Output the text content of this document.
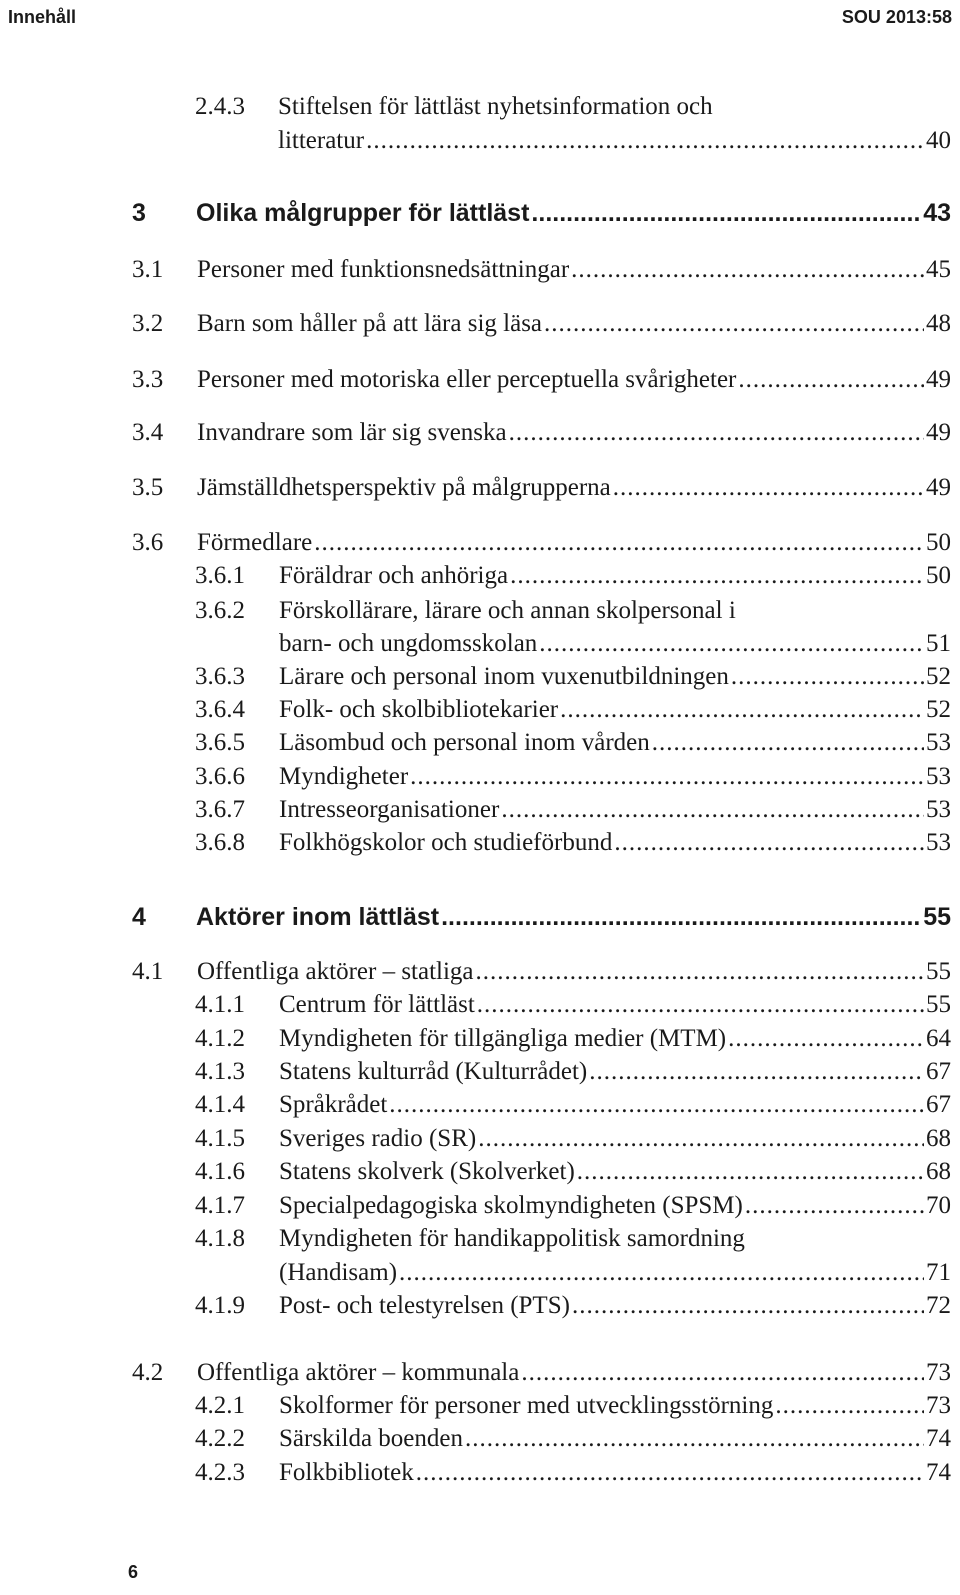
Innehåll	SOU 2013:58
2.4.3 Stiftelsen för lättläst nyhetsinformation och
litteratur .....	40
3 Olika målgrupper för lättläst .....	43
3.1 Personer med funktionsnedsättningar .....	45
3.2 Barn som håller på att lära sig läsa .....	48
3.3 Personer med motoriska eller perceptuella svårigheter .....	49
3.4 Invandrare som lär sig svenska .....	49
3.5 Jämställdhetsperspektiv på målgrupperna .....	49
3.6 Förmedlare .....	50
3.6.1 Föräldrar och anhöriga .....	50
3.6.2 Förskollärare, lärare och annan skolpersonal i
barn- och ungdomsskolan .....	51
3.6.3 Lärare och personal inom vuxenutbildningen .....	52
3.6.4 Folk- och skolbibliotekarier .....	52
3.6.5 Läsombud och personal inom vården .....	53
3.6.6 Myndigheter .....	53
3.6.7 Intresseorganisationer .....	53
3.6.8 Folkhögskolor och studieförbund .....	53
4 Aktörer inom lättläst .....	55
4.1 Offentliga aktörer – statliga .....	55
4.1.1 Centrum för lättläst .....	55
4.1.2 Myndigheten för tillgängliga medier (MTM) .....	64
4.1.3 Statens kulturråd (Kulturrådet) .....	67
4.1.4 Språkrådet .....	67
4.1.5 Sveriges radio (SR) .....	68
4.1.6 Statens skolverk (Skolverket) .....	68
4.1.7 Specialpedagogiska skolmyndigheten (SPSM) .....	70
4.1.8 Myndigheten för handikappolitisk samordning
(Handisam) .....	71
4.1.9 Post- och telestyrelsen (PTS) .....	72
4.2 Offentliga aktörer – kommunala .....	73
4.2.1 Skolformer för personer med utvecklingsstörning .....	73
4.2.2 Särskilda boenden .....	74
4.2.3 Folkbibliotek .....	74
6
